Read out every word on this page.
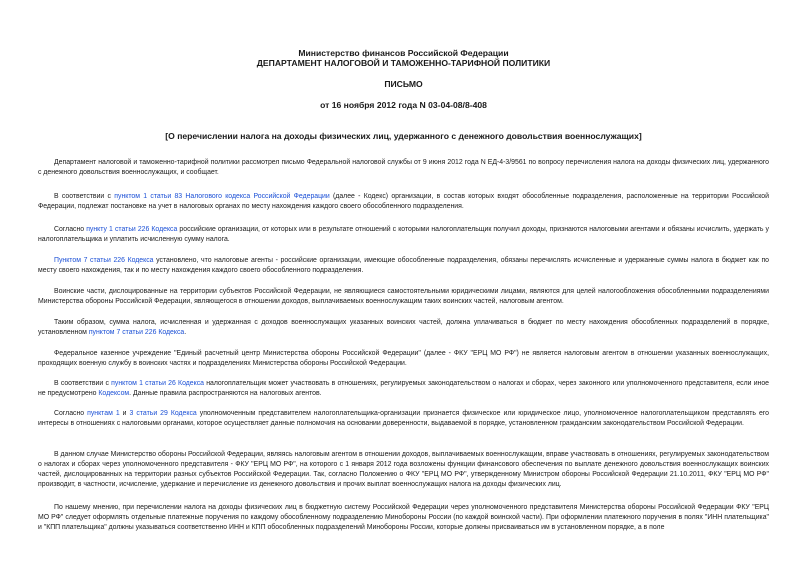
Министерство финансов Российской Федерации
ДЕПАРТАМЕНТ НАЛОГОВОЙ И ТАМОЖЕННО-ТАРИФНОЙ ПОЛИТИКИ
ПИСЬМО
от 16 ноября 2012 года N 03-04-08/8-408
[О перечислении налога на доходы физических лиц, удержанного с денежного довольствия военнослужащих]

Департамент налоговой и таможенно-тарифной политики рассмотрел письмо Федеральной налоговой службы от 9 июня 2012 года N ЕД-4-3/9561 по вопросу перечисления налога на доходы физических лиц, удержанного с денежного довольствия военнослужащих, и сообщает.

В соответствии с пунктом 1 статьи 83 Налогового кодекса Российской Федерации (далее - Кодекс) организации, в состав которых входят обособленные подразделения, расположенные на территории Российской Федерации, подлежат постановке на учет в налоговых органах по месту нахождения каждого своего обособленного подразделения.

Согласно пункту 1 статьи 226 Кодекса российские организации, от которых или в результате отношений с которыми налогоплательщик получил доходы, признаются налоговыми агентами и обязаны исчислить, удержать у налогоплательщика и уплатить исчисленную сумму налога.

Пунктом 7 статьи 226 Кодекса установлено, что налоговые агенты - российские организации, имеющие обособленные подразделения, обязаны перечислять исчисленные и удержанные суммы налога в бюджет как по месту своего нахождения, так и по месту нахождения каждого своего обособленного подразделения.

Воинские части, дислоцированные на территории субъектов Российской Федерации, не являющиеся самостоятельными юридическими лицами, являются для целей налогообложения обособленными подразделениями Министерства обороны Российской Федерации, являющегося в отношении доходов, выплачиваемых военнослужащим таких воинских частей, налоговым агентом.

Таким образом, сумма налога, исчисленная и удержанная с доходов военнослужащих указанных воинских частей, должна уплачиваться в бюджет по месту нахождения обособленных подразделений в порядке, установленном пунктом 7 статьи 226 Кодекса.

Федеральное казенное учреждение "Единый расчетный центр Министерства обороны Российской Федерации" (далее - ФКУ "ЕРЦ МО РФ") не является налоговым агентом в отношении указанных военнослужащих, проходящих военную службу в воинских частях и подразделениях Министерства обороны Российской Федерации.

В соответствии с пунктом 1 статьи 26 Кодекса налогоплательщик может участвовать в отношениях, регулируемых законодательством о налогах и сборах, через законного или уполномоченного представителя, если иное не предусмотрено Кодексом. Данные правила распространяются на налоговых агентов.

Согласно пунктам 1 и 3 статьи 29 Кодекса уполномоченным представителем налогоплательщика-организации признается физическое или юридическое лицо, уполномоченное налогоплательщиком представлять его интересы в отношениях с налоговыми органами, которое осуществляет данные полномочия на основании доверенности, выдаваемой в порядке, установленном гражданским законодательством Российской Федерации.

В данном случае Министерство обороны Российской Федерации, являясь налоговым агентом в отношении доходов, выплачиваемых военнослужащим, вправе участвовать в отношениях, регулируемых законодательством о налогах и сборах через уполномоченного представителя - ФКУ "ЕРЦ МО РФ", на которого с 1 января 2012 года возложены функции финансового обеспечения по выплате денежного довольствия военнослужащих воинских частей, дислоцированных на территории разных субъектов Российской Федерации. Так, согласно Положению о ФКУ "ЕРЦ МО РФ", утвержденному Министром обороны Российской Федерации 21.10.2011, ФКУ "ЕРЦ МО РФ" производит, в частности, исчисление, удержание и перечисление из денежного довольствия и прочих выплат военнослужащих налога на доходы физических лиц.

По нашему мнению, при перечислении налога на доходы физических лиц в бюджетную систему Российской Федерации через уполномоченного представителя Министерства обороны Российской Федерации ФКУ "ЕРЦ МО РФ" следует оформлять отдельные платежные поручения по каждому обособленному подразделению Минобороны России (по каждой воинской части). При оформлении платежного поручения в полях "ИНН плательщика" и "КПП плательщика" должны указываться соответственно ИНН и КПП обособленных подразделений Минобороны России, которые должны присваиваться им в установленном порядке, а в поле
